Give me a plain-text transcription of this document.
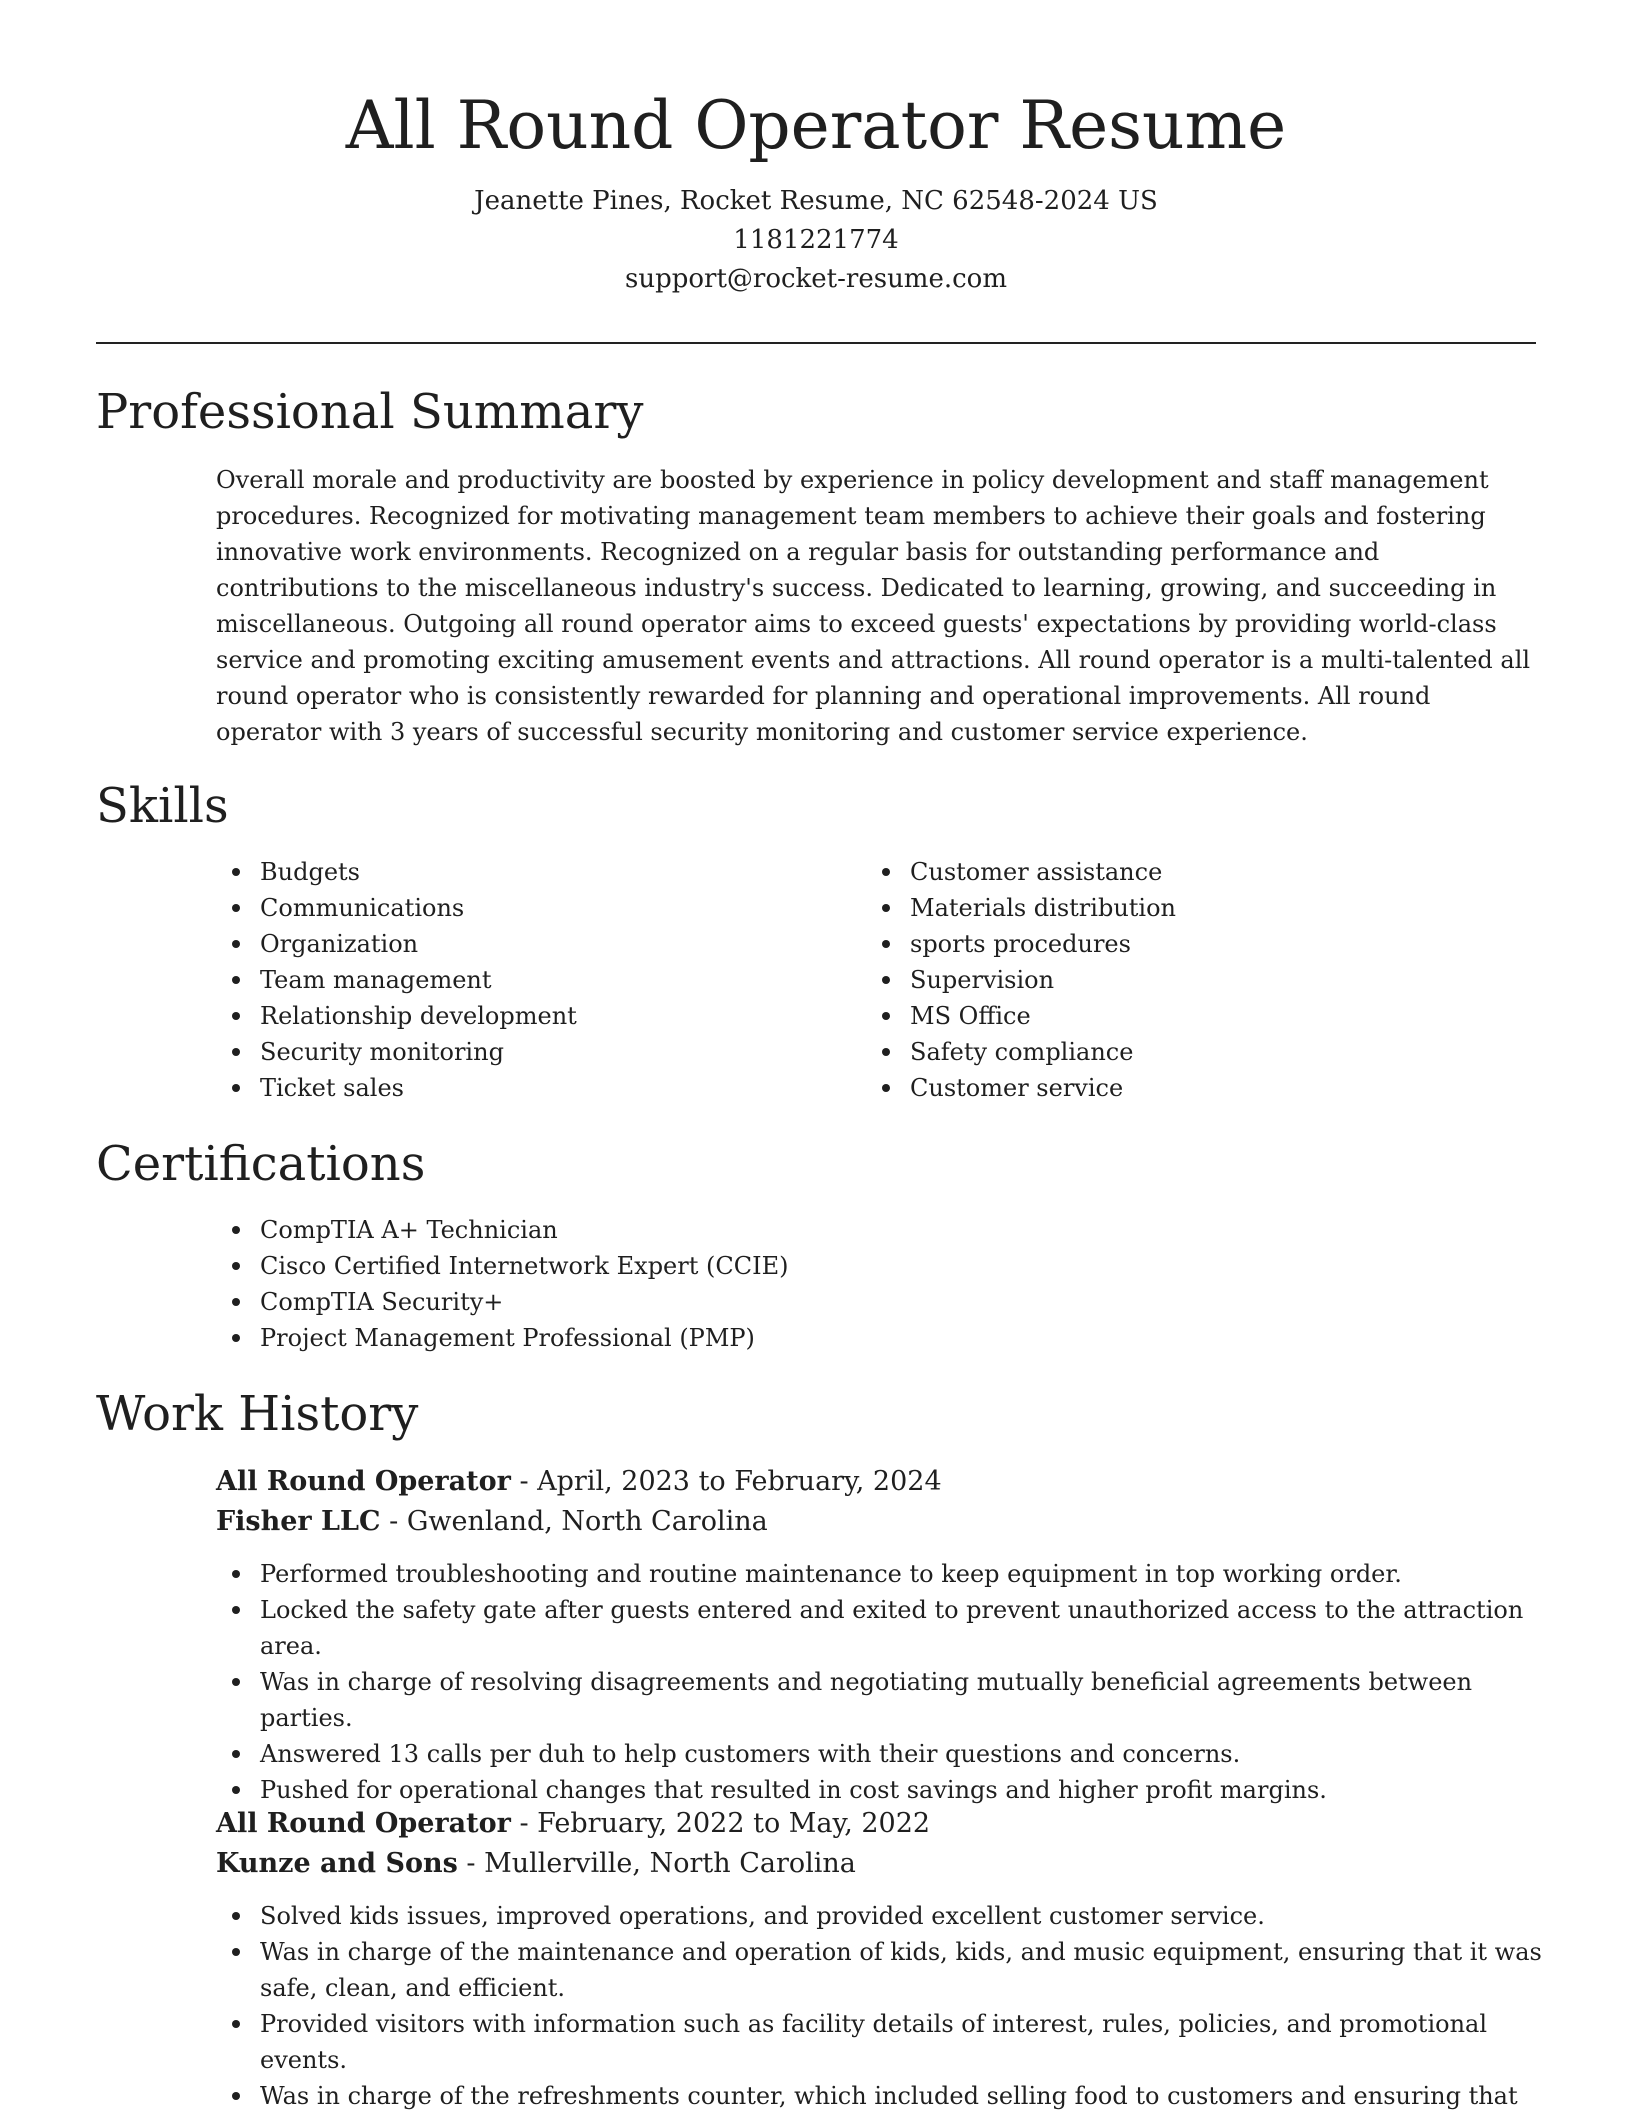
All Round Operator Resume
Jeanette Pines, Rocket Resume, NC 62548-2024 US
1181221774
support@rocket-resume.com
Professional Summary

Overall morale and productivity are boosted by experience in policy development and staff management procedures. Recognized for motivating management team members to achieve their goals and fostering innovative work environments. Recognized on a regular basis for outstanding performance and contributions to the miscellaneous industry's success. Dedicated to learning, growing, and succeeding in miscellaneous. Outgoing all round operator aims to exceed guests' expectations by providing world-class service and promoting exciting amusement events and attractions. All round operator is a multi-talented all round operator who is consistently rewarded for planning and operational improvements. All round operator with 3 years of successful security monitoring and customer service experience.

Skills
Budgets
Communications
Organization
Team management
Relationship development
Security monitoring
Ticket sales
Customer assistance
Materials distribution
sports procedures
Supervision
MS Office
Safety compliance
Customer service
Certifications
CompTIA A+ Technician
Cisco Certified Internetwork Expert (CCIE)
CompTIA Security+
Project Management Professional (PMP)
Work History
All Round Operator - April, 2023 to February, 2024
Fisher LLC - Gwenland, North Carolina
Performed troubleshooting and routine maintenance to keep equipment in top working order.
Locked the safety gate after guests entered and exited to prevent unauthorized access to the attraction area.
Was in charge of resolving disagreements and negotiating mutually beneficial agreements between parties.
Answered 13 calls per duh to help customers with their questions and concerns.
Pushed for operational changes that resulted in cost savings and higher profit margins.
All Round Operator - February, 2022 to May, 2022
Kunze and Sons - Mullerville, North Carolina
Solved kids issues, improved operations, and provided excellent customer service.
Was in charge of the maintenance and operation of kids, kids, and music equipment, ensuring that it was safe, clean, and efficient.
Provided visitors with information such as facility details of interest, rules, policies, and promotional events.
Was in charge of the refreshments counter, which included selling food to customers and ensuring that
